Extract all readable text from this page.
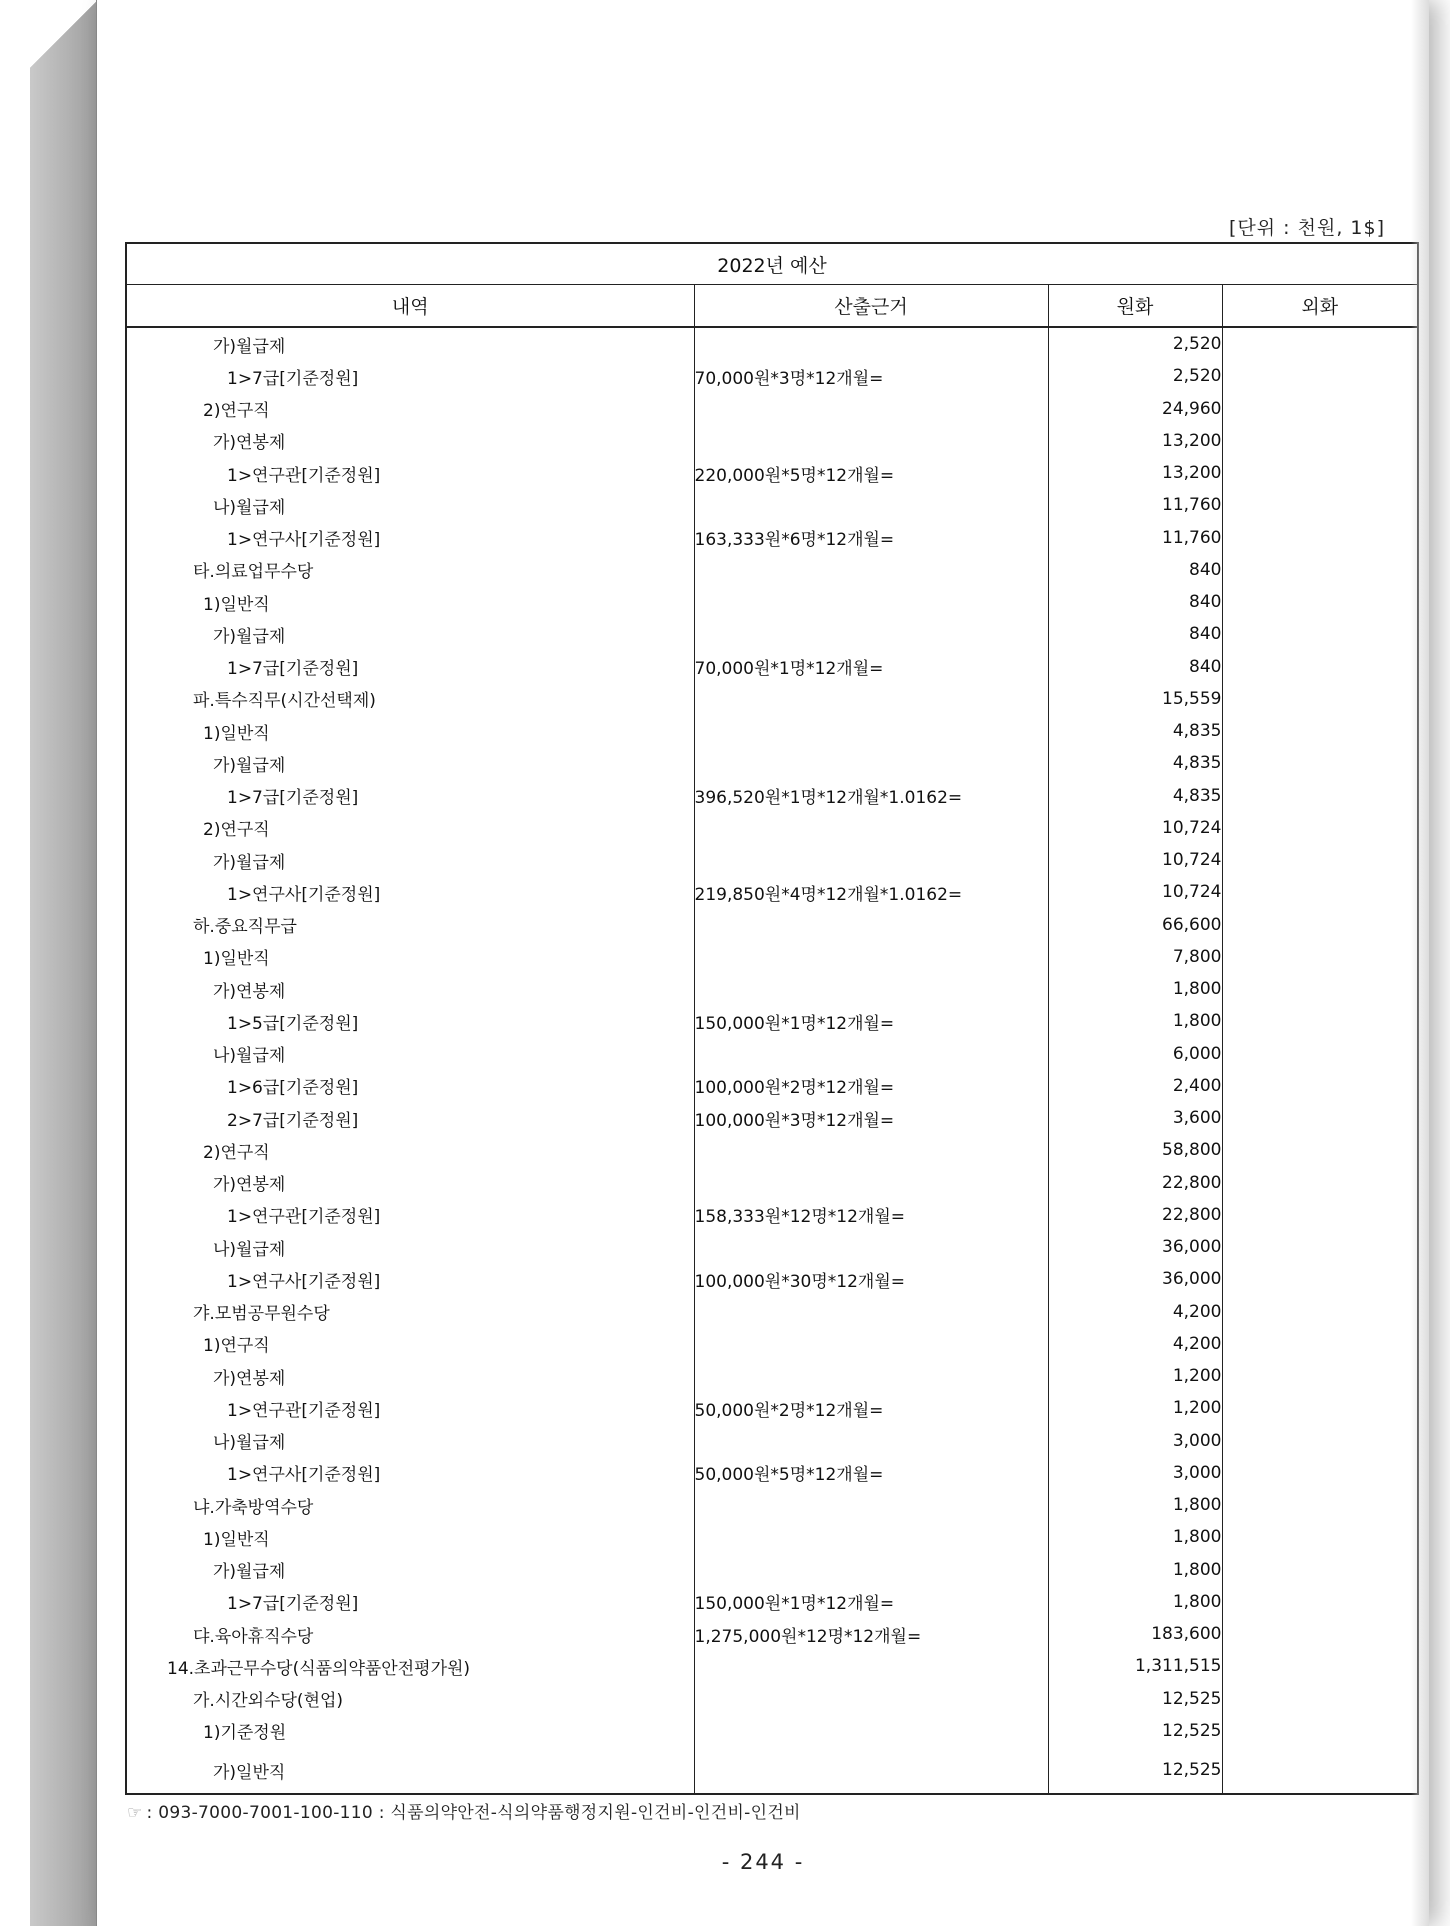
[단위 : 천원, 1$]
2022년 예산			
내역	산출근거	원화	외화
가)월급제		2,520	
1>7급[기준정원]	70,000원*3명*12개월=	2,520	
2)연구직		24,960	
가)연봉제		13,200	
1>연구관[기준정원]	220,000원*5명*12개월=	13,200	
나)월급제		11,760	
1>연구사[기준정원]	163,333원*6명*12개월=	11,760	
타.의료업무수당		840	
1)일반직		840	
가)월급제		840	
1>7급[기준정원]	70,000원*1명*12개월=	840	
파.특수직무(시간선택제)		15,559	
1)일반직		4,835	
가)월급제		4,835	
1>7급[기준정원]	396,520원*1명*12개월*1.0162=	4,835	
2)연구직		10,724	
가)월급제		10,724	
1>연구사[기준정원]	219,850원*4명*12개월*1.0162=	10,724	
하.중요직무급		66,600	
1)일반직		7,800	
가)연봉제		1,800	
1>5급[기준정원]	150,000원*1명*12개월=	1,800	
나)월급제		6,000	
1>6급[기준정원]	100,000원*2명*12개월=	2,400	
2>7급[기준정원]	100,000원*3명*12개월=	3,600	
2)연구직		58,800	
가)연봉제		22,800	
1>연구관[기준정원]	158,333원*12명*12개월=	22,800	
나)월급제		36,000	
1>연구사[기준정원]	100,000원*30명*12개월=	36,000	
갸.모범공무원수당		4,200	
1)연구직		4,200	
가)연봉제		1,200	
1>연구관[기준정원]	50,000원*2명*12개월=	1,200	
나)월급제		3,000	
1>연구사[기준정원]	50,000원*5명*12개월=	3,000	
냐.가축방역수당		1,800	
1)일반직		1,800	
가)월급제		1,800	
1>7급[기준정원]	150,000원*1명*12개월=	1,800	
댜.육아휴직수당	1,275,000원*12명*12개월=	183,600	
14.초과근무수당(식품의약품안전평가원)		1,311,515	
가.시간외수당(현업)		12,525	
1)기준정원		12,525	
가)일반직		12,525	
☞ : 093-7000-7001-100-110 : 식품의약안전-식의약품행정지원-인건비-인건비-인건비
- 244 -
